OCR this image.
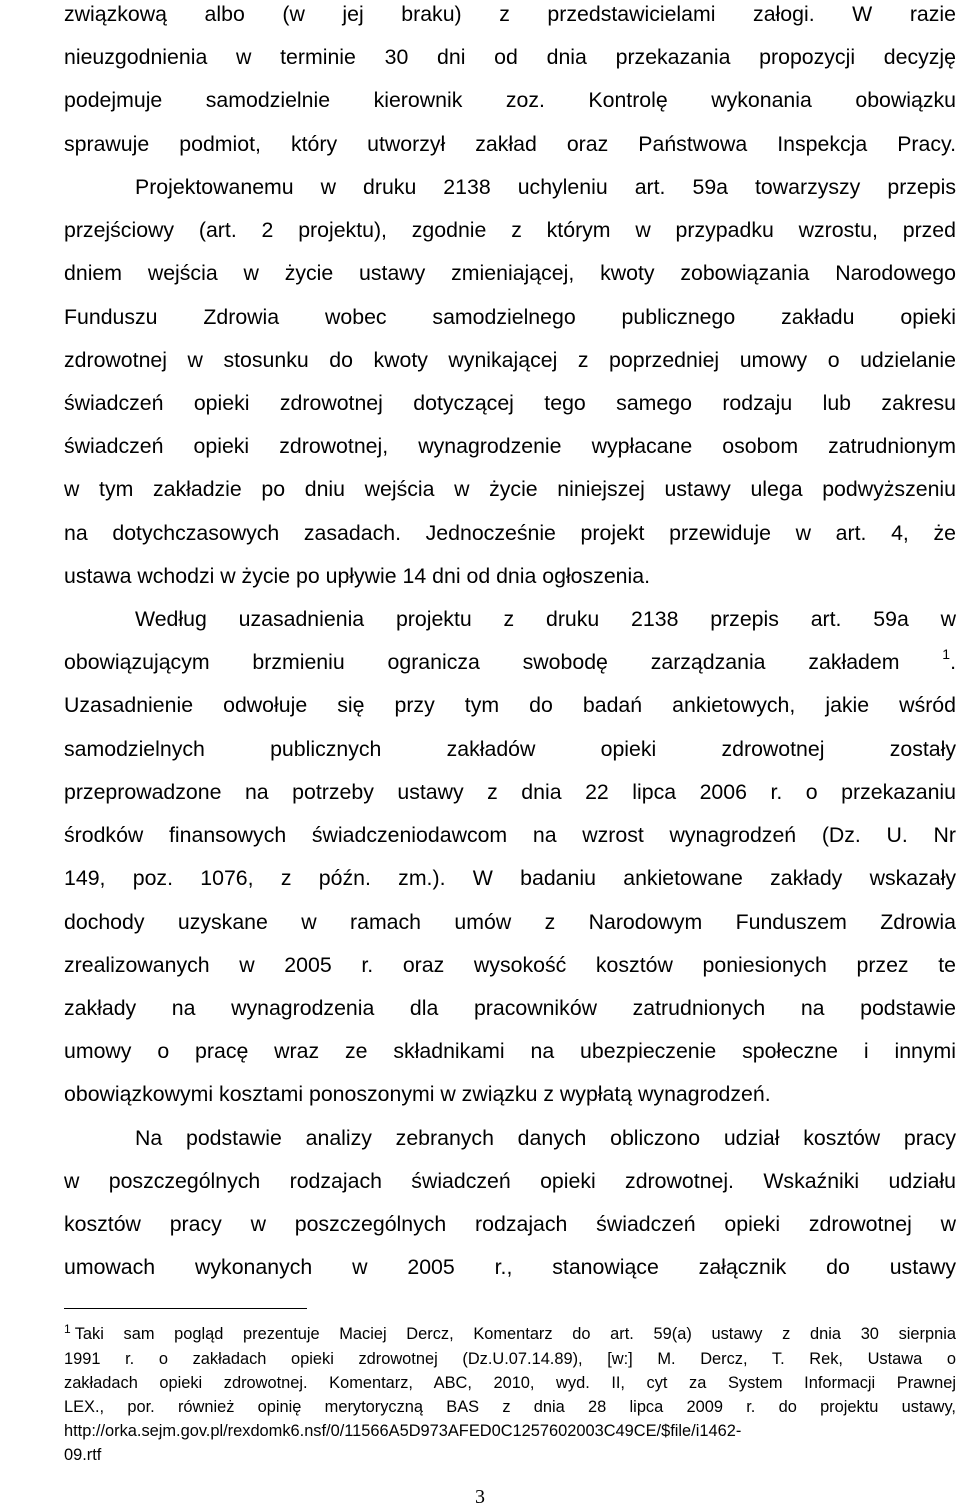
związkową albo (w jej braku) z przedstawicielami załogi. W razie
nieuzgodnienia w terminie 30 dni od dnia przekazania propozycji decyzję
podejmuje samodzielnie kierownik zoz. Kontrolę wykonania obowiązku
sprawuje podmiot, który utworzył zakład oraz Państwowa Inspekcja Pracy.
Projektowanemu w druku 2138 uchyleniu art. 59a towarzyszy przepis
przejściowy (art. 2 projektu), zgodnie z którym w przypadku wzrostu, przed
dniem wejścia w życie ustawy zmieniającej, kwoty zobowiązania Narodowego
Funduszu Zdrowia wobec samodzielnego publicznego zakładu opieki
zdrowotnej w stosunku do kwoty wynikającej z poprzedniej umowy o udzielanie
świadczeń opieki zdrowotnej dotyczącej tego samego rodzaju lub zakresu
świadczeń opieki zdrowotnej, wynagrodzenie wypłacane osobom zatrudnionym
w tym zakładzie po dniu wejścia w życie niniejszej ustawy ulega podwyższeniu
na dotychczasowych zasadach. Jednocześnie projekt przewiduje w art. 4, że
ustawa wchodzi w życie po upływie 14 dni od dnia ogłoszenia.
Według uzasadnienia projektu z druku 2138 przepis art. 59a w
obowiązującym brzmieniu ogranicza swobodę zarządzania zakładem	$^1$.
Uzasadnienie odwołuje się przy tym do badań ankietowych, jakie wśród
samodzielnych publicznych zakładów opieki zdrowotnej zostały
przeprowadzone na potrzeby ustawy z dnia 22 lipca 2006 r. o przekazaniu
środków finansowych świadczeniodawcom na wzrost wynagrodzeń (Dz. U. Nr
149, poz. 1076, z późn. zm.). W badaniu ankietowane zakłady wskazały
dochody uzyskane w ramach umów z Narodowym Funduszem Zdrowia
zrealizowanych w 2005 r. oraz wysokość kosztów poniesionych przez te
zakłady na wynagrodzenia dla pracowników zatrudnionych na podstawie
umowy o pracę wraz ze składnikami na ubezpieczenie społeczne i innymi
obowiązkowymi kosztami ponoszonymi w związku z wypłatą wynagrodzeń.
Na podstawie analizy zebranych danych obliczono udział kosztów pracy
w poszczególnych rodzajach świadczeń opieki zdrowotnej. Wskaźniki udziału
kosztów pracy w poszczególnych rodzajach świadczeń opieki zdrowotnej w
umowach wykonanych w 2005 r., stanowiące załącznik do ustawy
$^1$ Taki sam pogląd prezentuje Maciej Dercz, Komentarz do art. 59(a) ustawy z dnia 30 sierpnia
1991 r. o zakładach opieki zdrowotnej (Dz.U.07.14.89), [w:] M. Dercz, T. Rek, Ustawa o
zakładach opieki zdrowotnej. Komentarz, ABC, 2010, wyd. II, cyt za System Informacji Prawnej
LEX., por. również opinię merytoryczną BAS z dnia 28 lipca 2009 r. do projektu ustawy,
http://orka.sejm.gov.pl/rexdomk6.nsf/0/11566A5D973AFED0C1257602003C49CE/$file/i1462-
09.rtf
3
